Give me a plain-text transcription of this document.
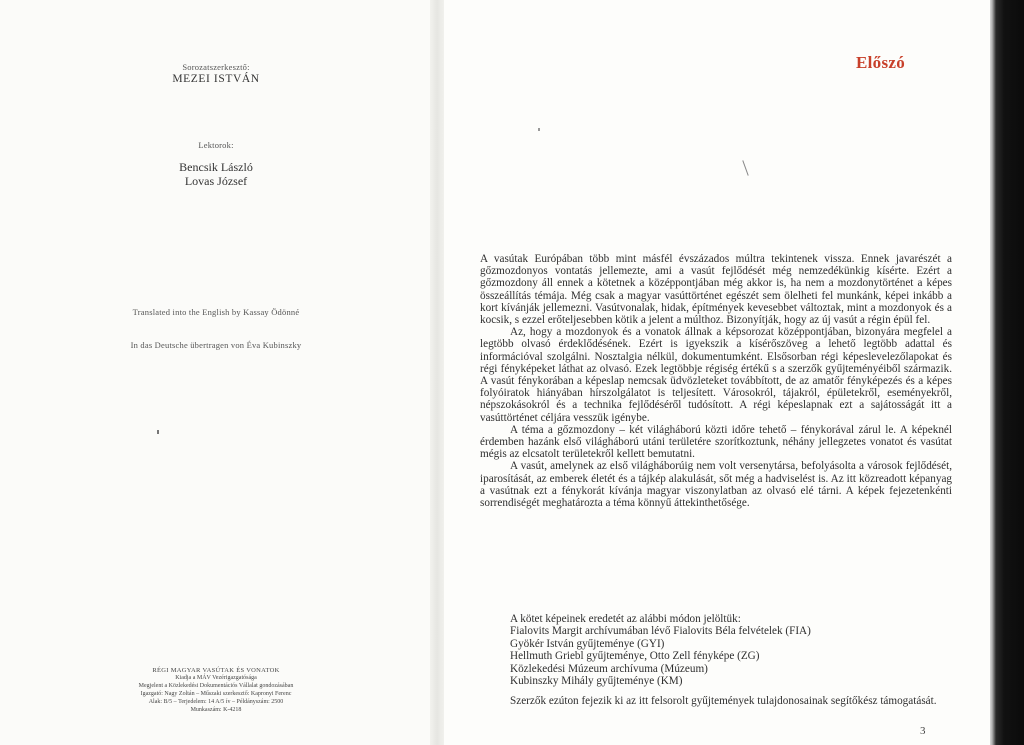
Sorozatszerkesztő:
MEZEI ISTVÁN
Lektorok:
Bencsik László
Lovas József
Translated into the English by Kassay Ödönné
In das Deutsche übertragen von Éva Kubinszky
RÉGI MAGYAR VASÚTAK ÉS VONATOK
Kiadja a MÁV Vezérigazgatósága
Megjelent a Közlekedési Dokumentációs Vállalat gondozásában
Igazgató: Nagy Zoltán – Műszaki szerkesztő: Kapronyi Ferenc
Alak: B/5 – Terjedelem: 14 A/5 ív – Példányszám: 2500
Munkaszám: K-4218
Előszó

A vasútak Európában több mint másfél évszázados múltra tekintenek vissza. Ennek javarészét a gőzmozdonyos vontatás jellemezte, ami a vasút fejlődését még nemzedékünkig kísérte. Ezért a gőzmozdony áll ennek a kötetnek a középpontjában még akkor is, ha nem a mozdonytörténet a képes összeállítás témája. Még csak a magyar vasúttörténet egészét sem ölelheti fel munkánk, képei inkább a kort kívánják jellemezni. Vasútvonalak, hidak, építmények kevesebbet változtak, mint a mozdonyok és a kocsik, s ezzel erőteljesebben kötik a jelent a múlthoz. Bizonyítják, hogy az új vasút a régin épül fel.

Az, hogy a mozdonyok és a vonatok állnak a képsorozat középpontjában, bizonyára megfelel a legtöbb olvasó érdeklődésének. Ezért is igyekszik a kísérőszöveg a lehető legtöbb adattal és információval szolgálni. Nosztalgia nélkül, dokumentumként. Elsősorban régi képeslevelezőlapokat és régi fényképeket láthat az olvasó. Ezek legtöbbje régiség értékű s a szerzők gyűjteményéiből származik. A vasút fénykorában a képeslap nemcsak üdvözleteket továbbított, de az amatőr fényképezés és a képes folyóiratok hiányában hírszolgálatot is teljesített. Városokról, tájakról, épületekről, eseményekről, népszokásokról és a technika fejlődéséről tudósított. A régi képeslapnak ezt a sajátosságát itt a vasúttörténet céljára vesszük igénybe.

A téma a gőzmozdony – két világháború közti időre tehető – fénykorával zárul le. A képeknél érdemben hazánk első világháború utáni területére szorítkoztunk, néhány jellegzetes vonatot és vasútat mégis az elcsatolt területekről kellett bemutatni.

A vasút, amelynek az első világháborúig nem volt versenytársa, befolyásolta a városok fejlődését, iparosítását, az emberek életét és a tájkép alakulását, sőt még a hadviselést is. Az itt közreadott képanyag a vasútnak ezt a fénykorát kívánja magyar viszonylatban az olvasó elé tárni. A képek fejezetenkénti sorrendiségét meghatározta a téma könnyű áttekinthetősége.

A kötet képeinek eredetét az alábbi módon jelöltük:
Fialovits Margit archívumában lévő Fialovits Béla felvételek (FIA)
Gyökér István gyűjteménye (GYI)
Hellmuth Griebl gyűjteménye, Otto Zell fényképe (ZG)
Közlekedési Múzeum archívuma (Múzeum)
Kubinszky Mihály gyűjteménye (KM)

Szerzők ezúton fejezik ki az itt felsorolt gyűjtemények tulajdonosainak segítőkész támogatását.

3
